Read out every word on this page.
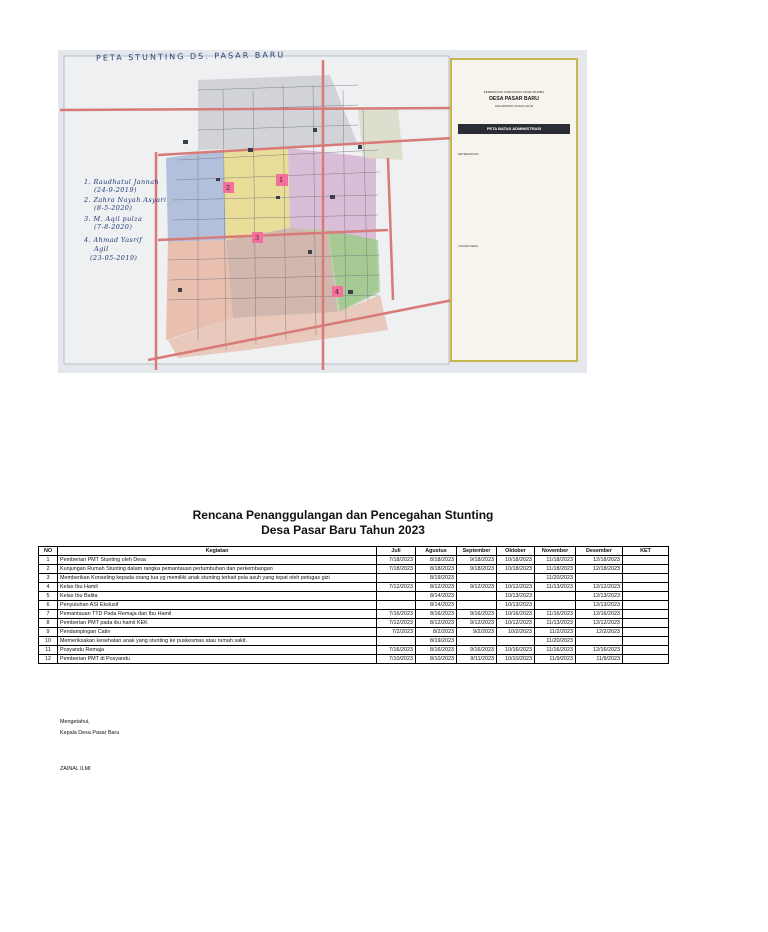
PETA STUNTING DS. PASAR BARU
1. Raudhatul Jannah
(24-9-2019)
2. Zahra Nayah Asyari
(8-5-2020)
3. M. Aqil pulza
(7-8-2020)
4. Ahmad Yasrif
Agil
(23-05-2019)
1
2
3
4
PEMERINTAH KABUPATEN TANAH BUMBU
DESA PASAR BARU
KECAMATAN KUSAN HILIR
PETA BATAS ADMINISTRASI
KETERANGAN
LOKASI DESA
Rencana Penanggulangan dan Pencegahan Stunting
Desa Pasar Baru Tahun 2023
NO	Kegiatan	Juli	Agustus	September	Oktober	November	Desember	KET
1	Pemberian PMT Stunting oleh Desa	7/18/2023	8/18/2023	9/18/2023	10/18/2023	11/18/2023	12/18/2023	
2	Kunjungan Rumah Stunting dalam rangka pemantauan pertumbuhan dan perkembangan	7/18/2023	8/18/2023	9/18/2023	10/18/2023	11/18/2023	12/18/2023	
3	Memberikan Konseling kepada orang tua yg memiliki anak stunting terkait pola asuh yang tepat oleh petugas gizi		8/19/2023			11/20/2023		
4	Kelas Ibu Hamil	7/12/2023	8/12/2023	9/12/2023	10/12/2023	11/13/2023	12/12/2023	
5	Kelas Ibu Balita		8/14/2023		10/13/2023		12/13/2023	
6	Penyuluhan ASI Ekslusif		8/14/2023		10/13/2023		12/13/2023	
7	Pemantauan TTD Pada Remaja dan Ibu Hamil	7/16/2023	8/16/2023	9/16/2023	10/16/2023	11/16/2023	12/16/2023	
8	Pemberian PMT pada ibu hamil KEK	7/12/2023	8/12/2023	9/12/2023	10/12/2023	11/13/2023	12/12/2023	
9	Pendampingan Catin	7/2/2023	8/2/2023	9/2/2023	10/2/2023	11/2/2023	12/2/2023	
10	Memeriksakan kesehatan anak yang stunting ke puskesmas atau rumah sakit.		8/19/2023			11/20/2023		
11	Posyandu Remaja	7/16/2023	8/16/2023	9/16/2023	10/16/2023	11/16/2023	12/16/2023	
12	Pemberian PMT di Posyandu	7/10/2023	8/10/2023	9/11/2023	10/10/2023	11/9/2023	11/9/2023	
Mengetahui,
Kepala Desa Pasar Baru
ZAINAL ILMI
